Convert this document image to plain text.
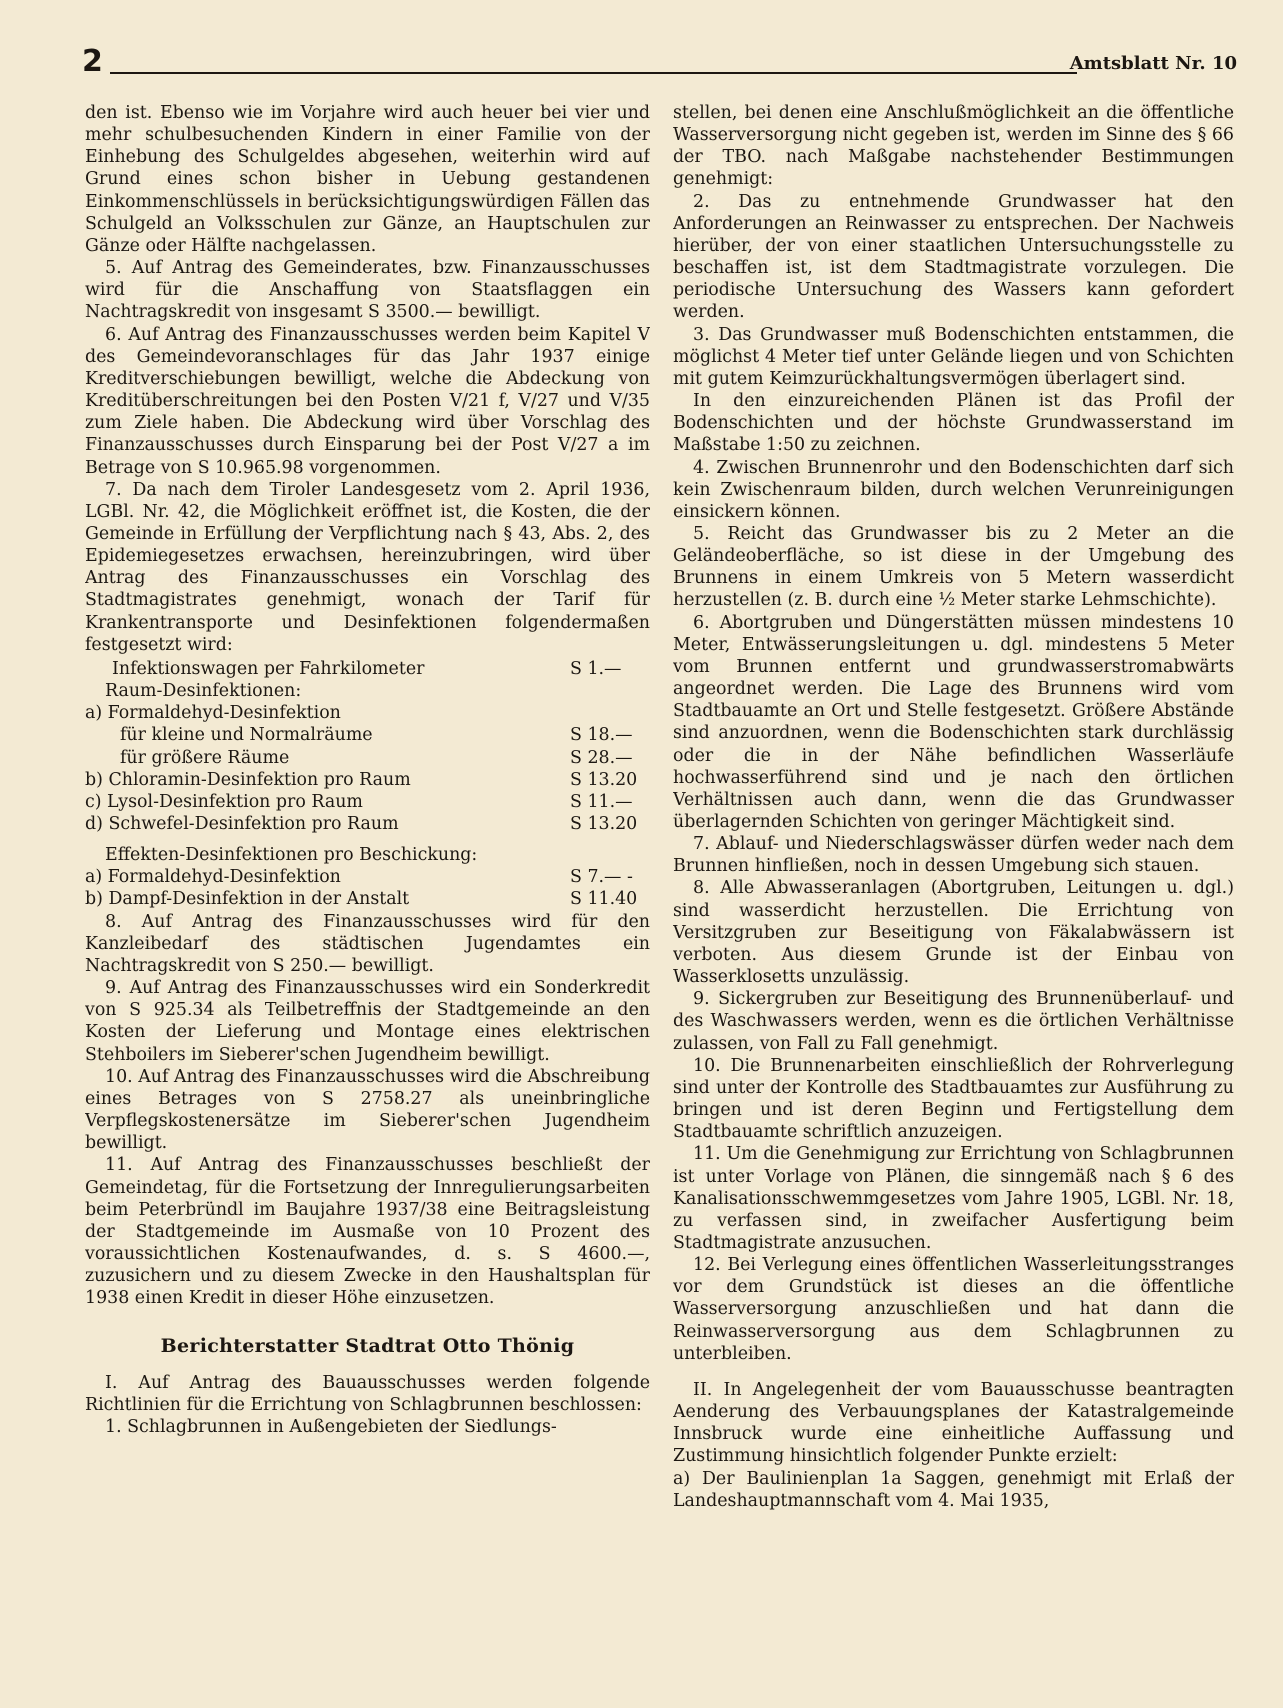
2	Amtsblatt Nr. 10

den ist. Ebenso wie im Vorjahre wird auch heuer bei vier und mehr schulbesuchenden Kindern in einer Familie von der Einhebung des Schulgeldes abgesehen, weiterhin wird auf Grund eines schon bisher in Uebung gestandenen Einkommenschlüssels in berücksichtigungswürdigen Fällen das Schulgeld an Volksschulen zur Gänze, an Hauptschulen zur Gänze oder Hälfte nachgelassen.

5. Auf Antrag des Gemeinderates, bzw. Finanzausschusses wird für die Anschaffung von Staatsflaggen ein Nachtragskredit von insgesamt S 3500.— bewilligt.

6. Auf Antrag des Finanzausschusses werden beim Kapitel V des Gemeindevoranschlages für das Jahr 1937 einige Kreditverschiebungen bewilligt, welche die Abdeckung von Kreditüberschreitungen bei den Posten V/21 f, V/27 und V/35 zum Ziele haben. Die Abdeckung wird über Vorschlag des Finanzausschusses durch Einsparung bei der Post V/27 a im Betrage von S 10.965.98 vorgenommen.

7. Da nach dem Tiroler Landesgesetz vom 2. April 1936, LGBl. Nr. 42, die Möglichkeit eröffnet ist, die Kosten, die der Gemeinde in Erfüllung der Verpflichtung nach § 43, Abs. 2, des Epidemiegesetzes erwachsen, hereinzubringen, wird über Antrag des Finanzausschusses ein Vorschlag des Stadtmagistrates genehmigt, wonach der Tarif für Krankentransporte und Desinfektionen folgendermaßen festgesetzt wird:

Infektionswagen per Fahrkilometer	S 1.—
Raum-Desinfektionen:
a) Formaldehyd-Desinfektion
für kleine und Normalräume	S 18.—
für größere Räume	S 28.—
b) Chloramin-Desinfektion pro Raum	S 13.20
c) Lysol-Desinfektion pro Raum	S 11.—
d) Schwefel-Desinfektion pro Raum	S 13.20
Effekten-Desinfektionen pro Beschickung:
a) Formaldehyd-Desinfektion	S 7.— -
b) Dampf-Desinfektion in der Anstalt	S 11.40

8. Auf Antrag des Finanzausschusses wird für den Kanzleibedarf des städtischen Jugendamtes ein Nachtragskredit von S 250.— bewilligt.

9. Auf Antrag des Finanzausschusses wird ein Sonderkredit von S 925.34 als Teilbetreffnis der Stadtgemeinde an den Kosten der Lieferung und Montage eines elektrischen Stehboilers im Sieberer'schen Jugendheim bewilligt.

10. Auf Antrag des Finanzausschusses wird die Abschreibung eines Betrages von S 2758.27 als uneinbringliche Verpflegskostenersätze im Sieberer'schen Jugendheim bewilligt.

11. Auf Antrag des Finanzausschusses beschließt der Gemeindetag, für die Fortsetzung der Innregulierungsarbeiten beim Peterbründl im Baujahre 1937/38 eine Beitragsleistung der Stadtgemeinde im Ausmaße von 10 Prozent des voraussichtlichen Kostenaufwandes, d. s. S 4600.—, zuzusichern und zu diesem Zwecke in den Haushaltsplan für 1938 einen Kredit in dieser Höhe einzusetzen.

Berichterstatter Stadtrat Otto Thönig

I. Auf Antrag des Bauausschusses werden folgende Richtlinien für die Errichtung von Schlagbrunnen beschlossen:

1. Schlagbrunnen in Außengebieten der Siedlungs-

stellen, bei denen eine Anschlußmöglichkeit an die öffentliche Wasserversorgung nicht gegeben ist, werden im Sinne des § 66 der TBO. nach Maßgabe nachstehender Bestimmungen genehmigt:

2. Das zu entnehmende Grundwasser hat den Anforderungen an Reinwasser zu entsprechen. Der Nachweis hierüber, der von einer staatlichen Untersuchungsstelle zu beschaffen ist, ist dem Stadtmagistrate vorzulegen. Die periodische Untersuchung des Wassers kann gefordert werden.

3. Das Grundwasser muß Bodenschichten entstammen, die möglichst 4 Meter tief unter Gelände liegen und von Schichten mit gutem Keimzurückhaltungsvermögen überlagert sind.

In den einzureichenden Plänen ist das Profil der Bodenschichten und der höchste Grundwasserstand im Maßstabe 1:50 zu zeichnen.

4. Zwischen Brunnenrohr und den Bodenschichten darf sich kein Zwischenraum bilden, durch welchen Verunreinigungen einsickern können.

5. Reicht das Grundwasser bis zu 2 Meter an die Geländeoberfläche, so ist diese in der Umgebung des Brunnens in einem Umkreis von 5 Metern wasserdicht herzustellen (z. B. durch eine ½ Meter starke Lehmschichte).

6. Abortgruben und Düngerstätten müssen mindestens 10 Meter, Entwässerungsleitungen u. dgl. mindestens 5 Meter vom Brunnen entfernt und grundwasserstromabwärts angeordnet werden. Die Lage des Brunnens wird vom Stadtbauamte an Ort und Stelle festgesetzt. Größere Abstände sind anzuordnen, wenn die Bodenschichten stark durchlässig oder die in der Nähe befindlichen Wasserläufe hochwasserführend sind und je nach den örtlichen Verhältnissen auch dann, wenn die das Grundwasser überlagernden Schichten von geringer Mächtigkeit sind.

7. Ablauf- und Niederschlagswässer dürfen weder nach dem Brunnen hinfließen, noch in dessen Umgebung sich stauen.

8. Alle Abwasseranlagen (Abortgruben, Leitungen u. dgl.) sind wasserdicht herzustellen. Die Errichtung von Versitzgruben zur Beseitigung von Fäkalabwässern ist verboten. Aus diesem Grunde ist der Einbau von Wasserklosetts unzulässig.

9. Sickergruben zur Beseitigung des Brunnenüberlauf- und des Waschwassers werden, wenn es die örtlichen Verhältnisse zulassen, von Fall zu Fall genehmigt.

10. Die Brunnenarbeiten einschließlich der Rohrverlegung sind unter der Kontrolle des Stadtbauamtes zur Ausführung zu bringen und ist deren Beginn und Fertigstellung dem Stadtbauamte schriftlich anzuzeigen.

11. Um die Genehmigung zur Errichtung von Schlagbrunnen ist unter Vorlage von Plänen, die sinngemäß nach § 6 des Kanalisationsschwemmgesetzes vom Jahre 1905, LGBl. Nr. 18, zu verfassen sind, in zweifacher Ausfertigung beim Stadtmagistrate anzusuchen.

12. Bei Verlegung eines öffentlichen Wasserleitungsstranges vor dem Grundstück ist dieses an die öffentliche Wasserversorgung anzuschließen und hat dann die Reinwasserversorgung aus dem Schlagbrunnen zu unterbleiben.

II. In Angelegenheit der vom Bauausschusse beantragten Aenderung des Verbauungsplanes der Katastralgemeinde Innsbruck wurde eine einheitliche Auffassung und Zustimmung hinsichtlich folgender Punkte erzielt:

a) Der Baulinienplan 1a Saggen, genehmigt mit Erlaß der Landeshauptmannschaft vom 4. Mai 1935,
